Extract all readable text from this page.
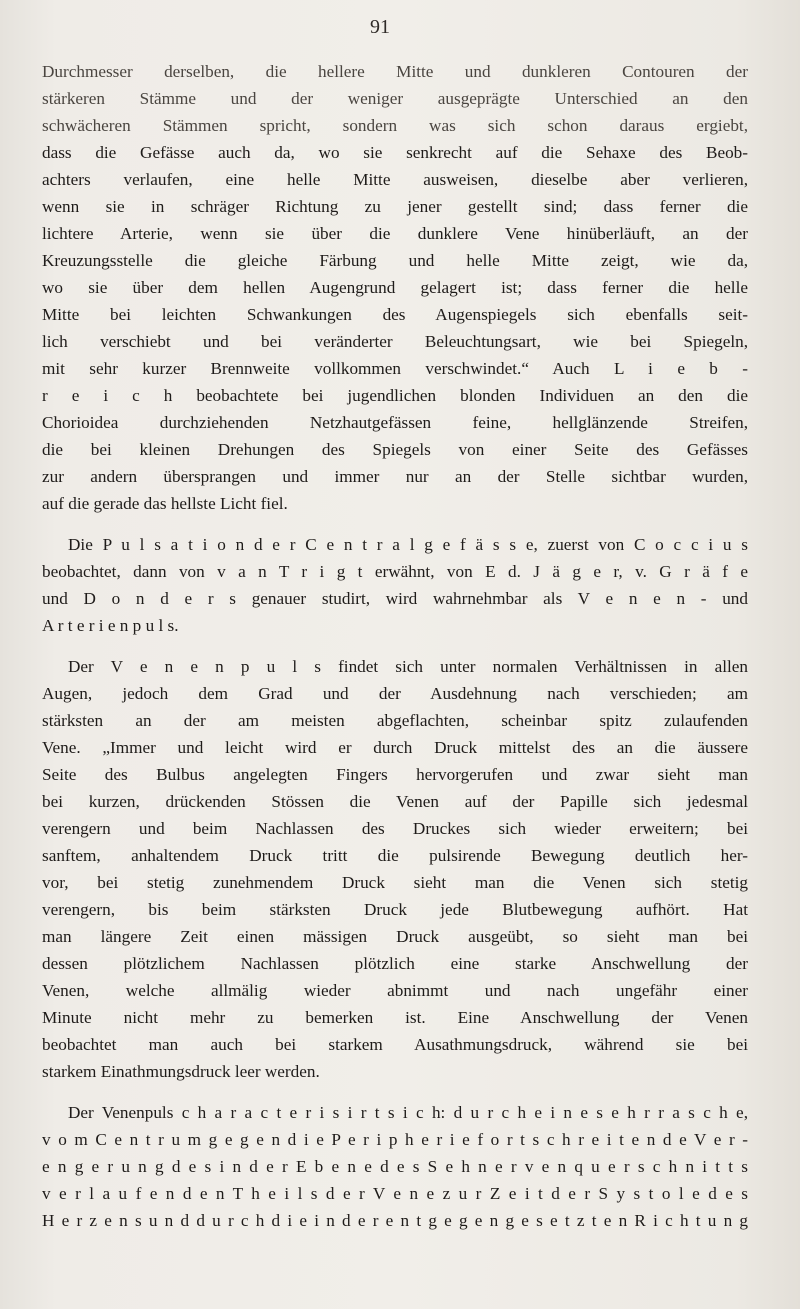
91
Durchmesser derselben, die hellere Mitte und dunkleren Contouren der
stärkeren Stämme und der weniger ausgeprägte Unterschied an den
schwächeren Stämmen spricht, sondern was sich schon daraus ergiebt,
dass die Gefässe auch da, wo sie senkrecht auf die Sehaxe des Beob-
achters verlaufen, eine helle Mitte ausweisen, dieselbe aber verlieren,
wenn sie in schräger Richtung zu jener gestellt sind; dass ferner die
lichtere Arterie, wenn sie über die dunklere Vene hinüberläuft, an der
Kreuzungsstelle die gleiche Färbung und helle Mitte zeigt, wie da,
wo sie über dem hellen Augengrund gelagert ist; dass ferner die helle
Mitte bei leichten Schwankungen des Augenspiegels sich ebenfalls seit-
lich verschiebt und bei veränderter Beleuchtungsart, wie bei Spiegeln,
mit sehr kurzer Brennweite vollkommen verschwindet.“ Auch L i e b -
r e i c h beobachtete bei jugendlichen blonden Individuen an den die
Chorioidea durchziehenden Netzhautgefässen feine, hellglänzende Streifen,
die bei kleinen Drehungen des Spiegels von einer Seite des Gefässes
zur andern übersprangen und immer nur an der Stelle sichtbar wurden,
auf die gerade das hellste Licht fiel.
Die P u l s a t i o n d e r C e n t r a l g e f ä s s e, zuerst von C o c c i u s
beobachtet, dann von v a n T r i g t erwähnt, von E d. J ä g e r, v. G r ä f e
und D o n d e r s genauer studirt, wird wahrnehmbar als V e n e n - und
A r t e r i e n p u l s.
Der V e n e n p u l s findet sich unter normalen Verhältnissen in allen
Augen, jedoch dem Grad und der Ausdehnung nach verschieden; am
stärksten an der am meisten abgeflachten, scheinbar spitz zulaufenden
Vene. „Immer und leicht wird er durch Druck mittelst des an die äussere
Seite des Bulbus angelegten Fingers hervorgerufen und zwar sieht man
bei kurzen, drückenden Stössen die Venen auf der Papille sich jedesmal
verengern und beim Nachlassen des Druckes sich wieder erweitern; bei
sanftem, anhaltendem Druck tritt die pulsirende Bewegung deutlich her-
vor, bei stetig zunehmendem Druck sieht man die Venen sich stetig
verengern, bis beim stärksten Druck jede Blutbewegung aufhört. Hat
man längere Zeit einen mässigen Druck ausgeübt, so sieht man bei
dessen plötzlichem Nachlassen plötzlich eine starke Anschwellung der
Venen, welche allmälig wieder abnimmt und nach ungefähr einer
Minute nicht mehr zu bemerken ist. Eine Anschwellung der Venen
beobachtet man auch bei starkem Ausathmungsdruck, während sie bei
starkem Einathmungsdruck leer werden.
Der Venenpuls c h a r a c t e r i s i r t s i c h: d u r c h e i n e s e h r r a s c h e,
v o m C e n t r u m g e g e n d i e P e r i p h e r i e f o r t s c h r e i t e n d e V e r -
e n g e r u n g d e s i n d e r E b e n e d e s S e h n e r v e n q u e r s c h n i t t s
v e r l a u f e n d e n T h e i l s d e r V e n e z u r Z e i t d e r S y s t o l e d e s
H e r z e n s u n d d u r c h d i e i n d e r e n t g e g e n g e s e t z t e n R i c h t u n g
